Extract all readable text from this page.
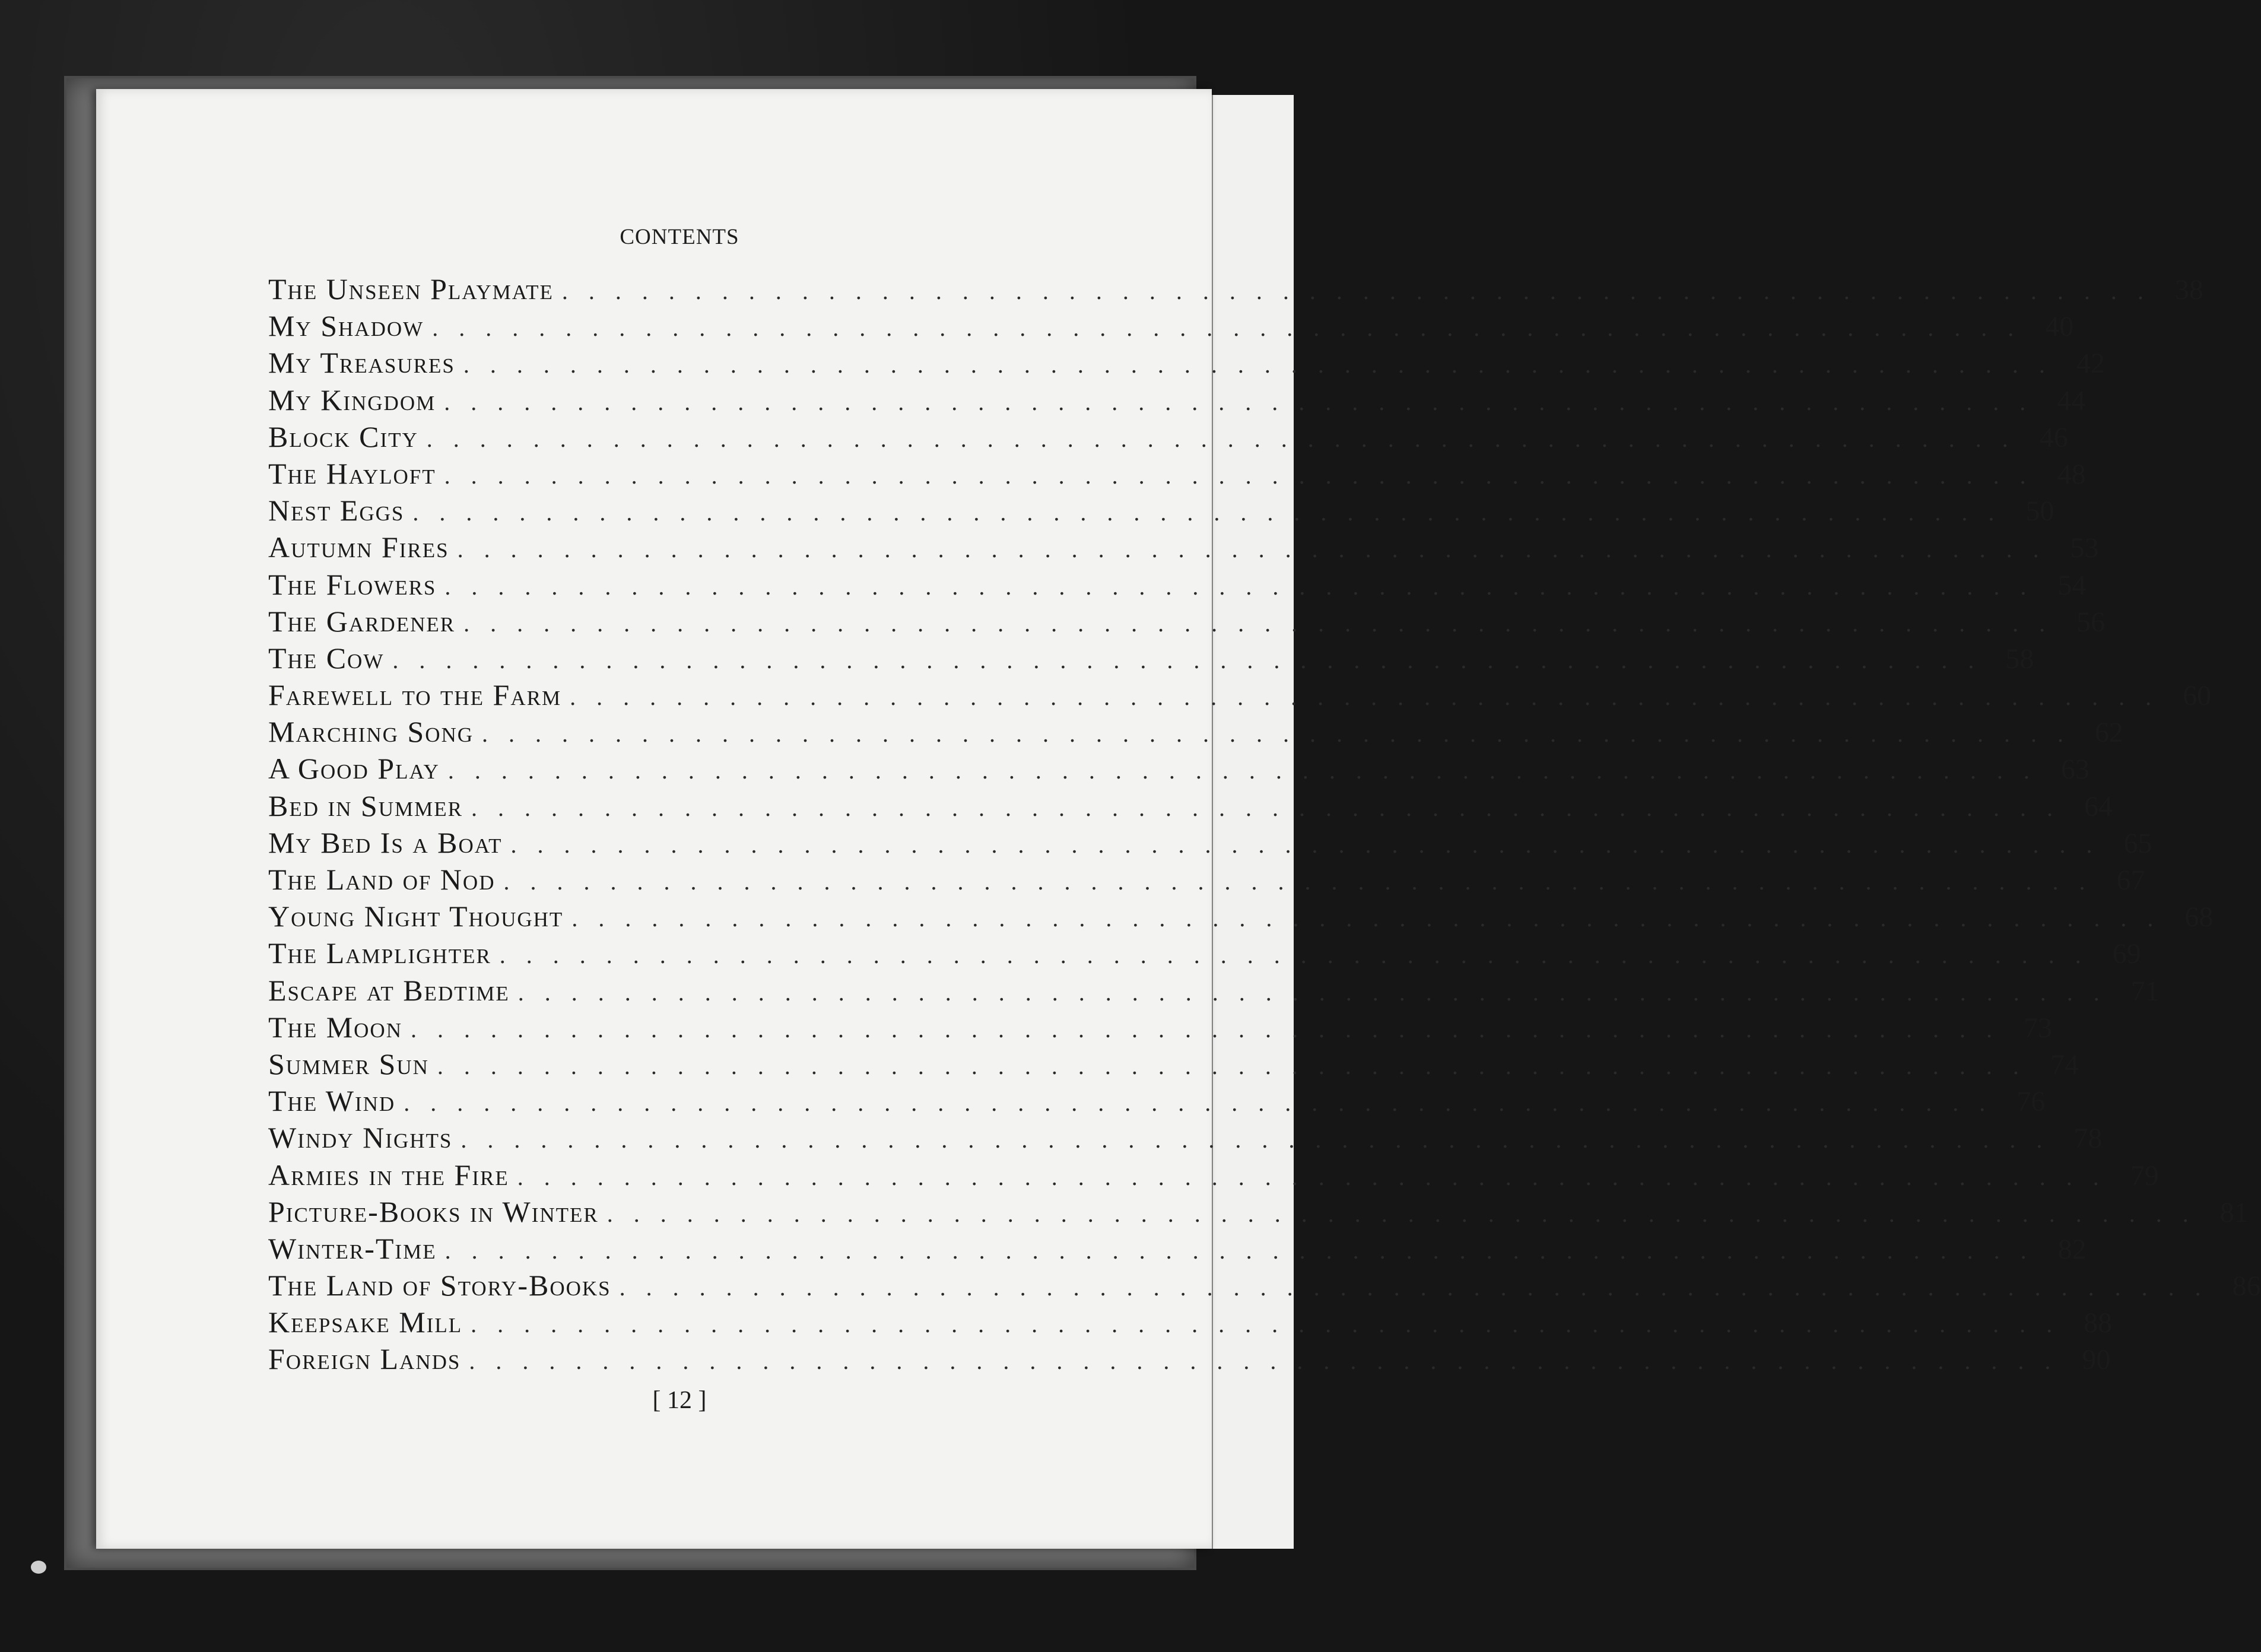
CONTENTS
The Unseen Playmate ............................................................ 38
My Shadow ............................................................ 40
My Treasures ............................................................ 42
My Kingdom ............................................................ 44
Block City ............................................................ 46
The Hayloft ............................................................ 48
Nest Eggs ............................................................ 50
Autumn Fires ............................................................ 53
The Flowers ............................................................ 54
The Gardener ............................................................ 56
The Cow ............................................................ 58
Farewell to the Farm ............................................................ 60
Marching Song ............................................................ 62
A Good Play ............................................................ 63
Bed in Summer ............................................................ 64
My Bed Is a Boat ............................................................ 65
The Land of Nod ............................................................ 67
Young Night Thought ............................................................ 68
The Lamplighter ............................................................ 69
Escape at Bedtime ............................................................ 71
The Moon ............................................................ 73
Summer Sun ............................................................ 74
The Wind ............................................................ 76
Windy Nights ............................................................ 78
Armies in the Fire ............................................................ 79
Picture-Books in Winter ............................................................ 81
Winter-Time ............................................................ 82
The Land of Story-Books ............................................................ 86
Keepsake Mill ............................................................ 88
Foreign Lands ............................................................ 90
[ 12 ]
